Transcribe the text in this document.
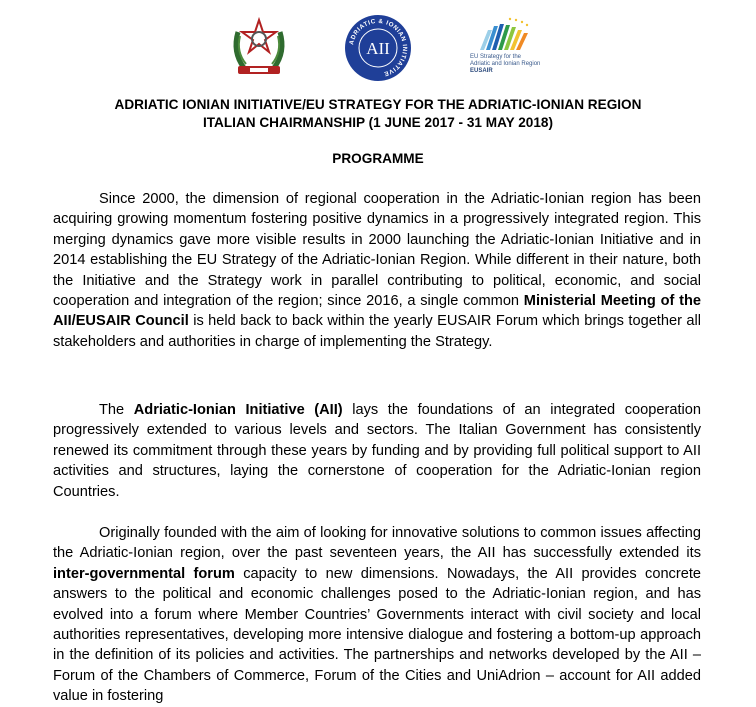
ADRIATIC & IONIAN INITIATIVE
AII	EU Strategy for the
Adriatic and Ionian Region
EUSAIR
ADRIATIC IONIAN INITIATIVE/EU STRATEGY FOR THE ADRIATIC-IONIAN REGION
ITALIAN CHAIRMANSHIP (1 JUNE 2017 - 31 MAY 2018)
PROGRAMME

Since 2000, the dimension of regional cooperation in the Adriatic-Ionian region has been acquiring growing momentum fostering positive dynamics in a progressively integrated region. This merging dynamics gave more visible results in 2000 launching the Adriatic-Ionian Initiative and in 2014 establishing the EU Strategy of the Adriatic-Ionian Region. While different in their nature, both the Initiative and the Strategy work in parallel contributing to political, economic, and social cooperation and integration of the region; since 2016, a single common Ministerial Meeting of the AII/EUSAIR Council is held back to back within the yearly EUSAIR Forum which brings together all stakeholders and authorities in charge of implementing the Strategy.

The Adriatic-Ionian Initiative (AII) lays the foundations of an integrated cooperation progressively extended to various levels and sectors. The Italian Government has consistently renewed its commitment through these years by funding and by providing full political support to AII activities and structures, laying the cornerstone of cooperation for the Adriatic-Ionian region Countries.

Originally founded with the aim of looking for innovative solutions to common issues affecting the Adriatic-Ionian region, over the past seventeen years, the AII has successfully extended its inter-governmental forum capacity to new dimensions. Nowadays, the AII provides concrete answers to the political and economic challenges posed to the Adriatic-Ionian region, and has evolved into a forum where Member Countries’ Governments interact with civil society and local authorities representatives, developing more intensive dialogue and fostering a bottom-up approach in the definition of its policies and activities. The partnerships and networks developed by the AII – Forum of the Chambers of Commerce, Forum of the Cities and UniAdrion – account for AII added value in fostering
